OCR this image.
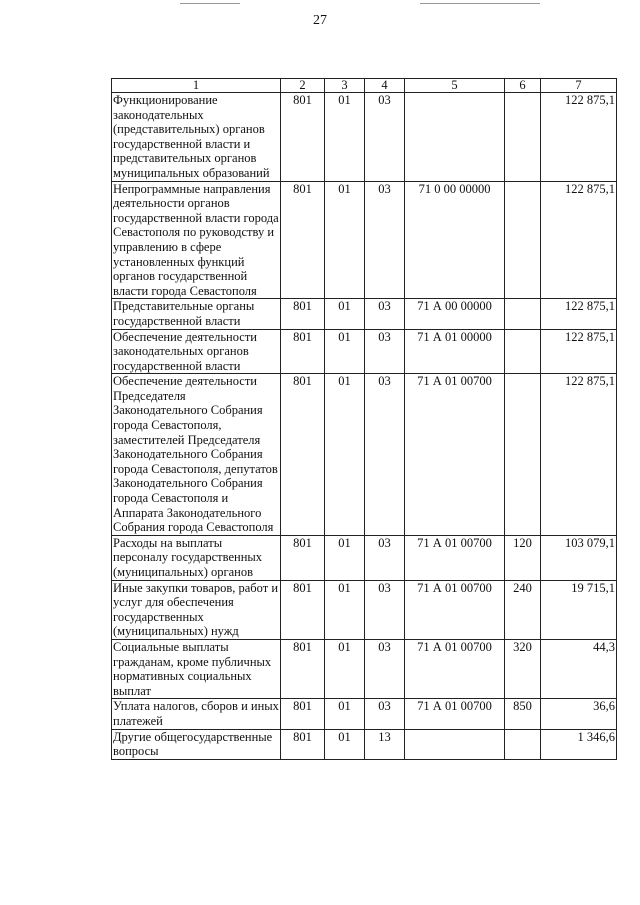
27
1	2	3	4	5	6	7
Функционирование законодательных (представительных) органов государственной власти и представительных органов муниципальных образований	801	01	03			122 875,1
Непрограммные направления деятельности органов государственной власти города Севастополя по руководству и управлению в сфере установленных функций органов государственной власти города Севастополя	801	01	03	71 0 00 00000		122 875,1
Представительные органы государственной власти	801	01	03	71 А 00 00000		122 875,1
Обеспечение деятельности законодательных органов государственной власти	801	01	03	71 А 01 00000		122 875,1
Обеспечение деятельности Председателя Законодательного Собрания города Севастополя, заместителей Председателя Законодательного Собрания города Севастополя, депутатов Законодательного Собрания города Севастополя и Аппарата Законодательного Собрания города Севастополя	801	01	03	71 А 01 00700		122 875,1
Расходы на выплаты персоналу государственных (муниципальных) органов	801	01	03	71 А 01 00700	120	103 079,1
Иные закупки товаров, работ и услуг для обеспечения государственных (муниципальных) нужд	801	01	03	71 А 01 00700	240	19 715,1
Социальные выплаты гражданам, кроме публичных нормативных социальных выплат	801	01	03	71 А 01 00700	320	44,3
Уплата налогов, сборов и иных платежей	801	01	03	71 А 01 00700	850	36,6
Другие общегосударственные вопросы	801	01	13			1 346,6
